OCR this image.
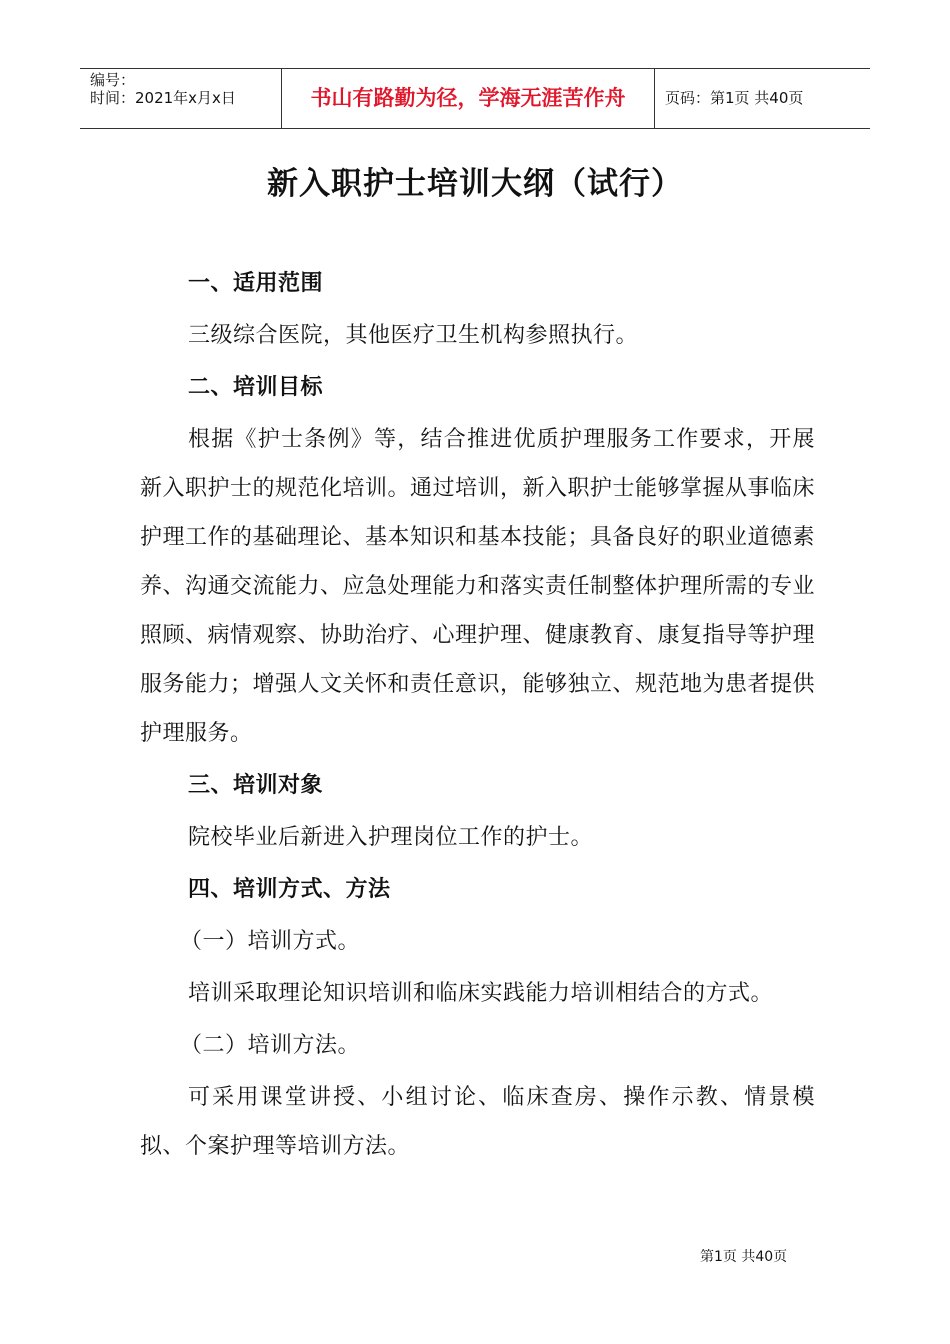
编号：
时间：2021年x月x日	书山有路勤为径，学海无涯苦作舟	页码：第1页 共40页
新入职护士培训大纲（试行）

一、适用范围

三级综合医院，其他医疗卫生机构参照执行。

二、培训目标

根据《护士条例》等，结合推进优质护理服务工作要求，开展新入职护士的规范化培训。通过培训，新入职护士能够掌握从事临床护理工作的基础理论、基本知识和基本技能；具备良好的职业道德素养、沟通交流能力、应急处理能力和落实责任制整体护理所需的专业照顾、病情观察、协助治疗、心理护理、健康教育、康复指导等护理服务能力；增强人文关怀和责任意识，能够独立、规范地为患者提供护理服务。

三、培训对象

院校毕业后新进入护理岗位工作的护士。

四、培训方式、方法

（一）培训方式。

培训采取理论知识培训和临床实践能力培训相结合的方式。

（二）培训方法。

可采用课堂讲授、小组讨论、临床查房、操作示教、情景模拟、个案护理等培训方法。

第1页 共40页
